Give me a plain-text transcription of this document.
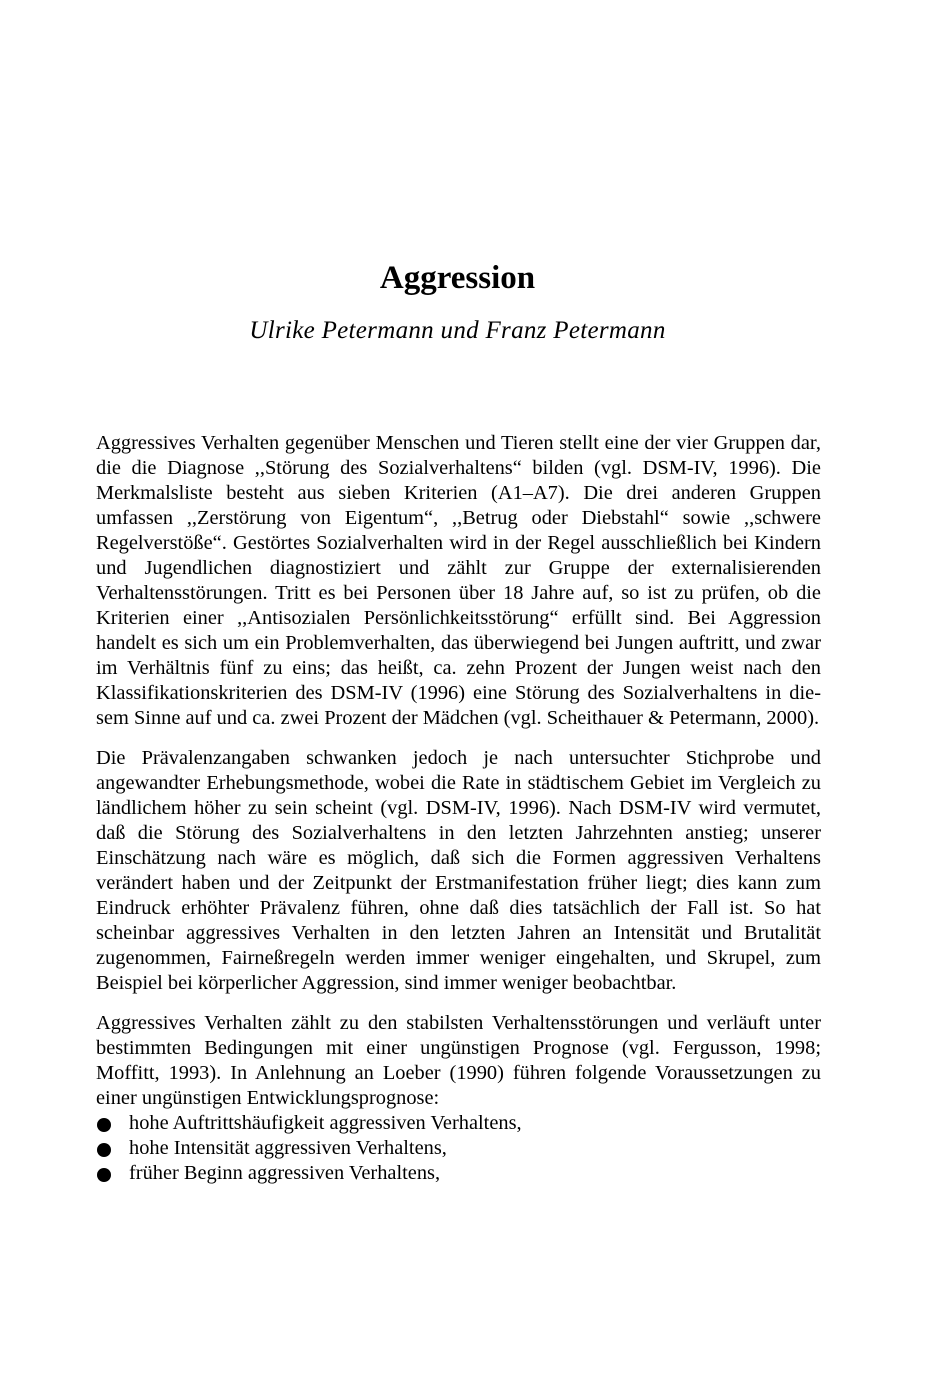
Aggression
Ulrike Petermann und Franz Petermann

Aggressives Verhalten gegenüber Menschen und Tieren stellt eine der vier Gruppen dar, die die Diagnose ,,Störung des Sozialverhaltens“ bilden (vgl. DSM-IV, 1996). Die Merkmalsliste besteht aus sieben Kriterien (A1–A7). Die drei anderen Gruppen umfassen ,,Zerstörung von Eigentum“, ,,Betrug oder Diebstahl“ sowie ,,schwere Regelverstöße“. Gestörtes Sozialverhalten wird in der Regel ausschließlich bei Kindern und Jugendlichen diagnostiziert und zählt zur Gruppe der externalisierenden Verhaltensstörungen. Tritt es bei Personen über 18 Jahre auf, so ist zu prüfen, ob die Kriterien einer ,,Antisozialen Persönlichkeitsstörung“ erfüllt sind. Bei Aggression handelt es sich um ein Problemverhalten, das überwiegend bei Jungen auftritt, und zwar im Verhältnis fünf zu eins; das heißt, ca. zehn Prozent der Jungen weist nach den Klassifikationskriterien des DSM-IV (1996) eine Störung des Sozialverhaltens in diesem Sinne auf und ca. zwei Prozent der Mädchen (vgl. Scheithauer & Petermann, 2000).

Die Prävalenzangaben schwanken jedoch je nach untersuchter Stichprobe und angewandter Erhebungsmethode, wobei die Rate in städtischem Gebiet im Vergleich zu ländlichem höher zu sein scheint (vgl. DSM-IV, 1996). Nach DSM-IV wird vermutet, daß die Störung des Sozialverhaltens in den letzten Jahrzehnten anstieg; unserer Einschätzung nach wäre es möglich, daß sich die Formen aggressiven Verhaltens verändert haben und der Zeitpunkt der Erstmanifestation früher liegt; dies kann zum Eindruck erhöhter Prävalenz führen, ohne daß dies tatsächlich der Fall ist. So hat scheinbar aggressives Verhalten in den letzten Jahren an Intensität und Brutalität zugenommen, Fairneßregeln werden immer weniger eingehalten, und Skrupel, zum Beispiel bei körperlicher Aggression, sind immer weniger beobachtbar.

Aggressives Verhalten zählt zu den stabilsten Verhaltensstörungen und verläuft unter bestimmten Bedingungen mit einer ungünstigen Prognose (vgl. Fergusson, 1998; Moffitt, 1993). In Anlehnung an Loeber (1990) führen folgende Voraussetzungen zu einer ungünstigen Entwicklungsprognose:

hohe Auftrittshäufigkeit aggressiven Verhaltens,
hohe Intensität aggressiven Verhaltens,
früher Beginn aggressiven Verhaltens,
